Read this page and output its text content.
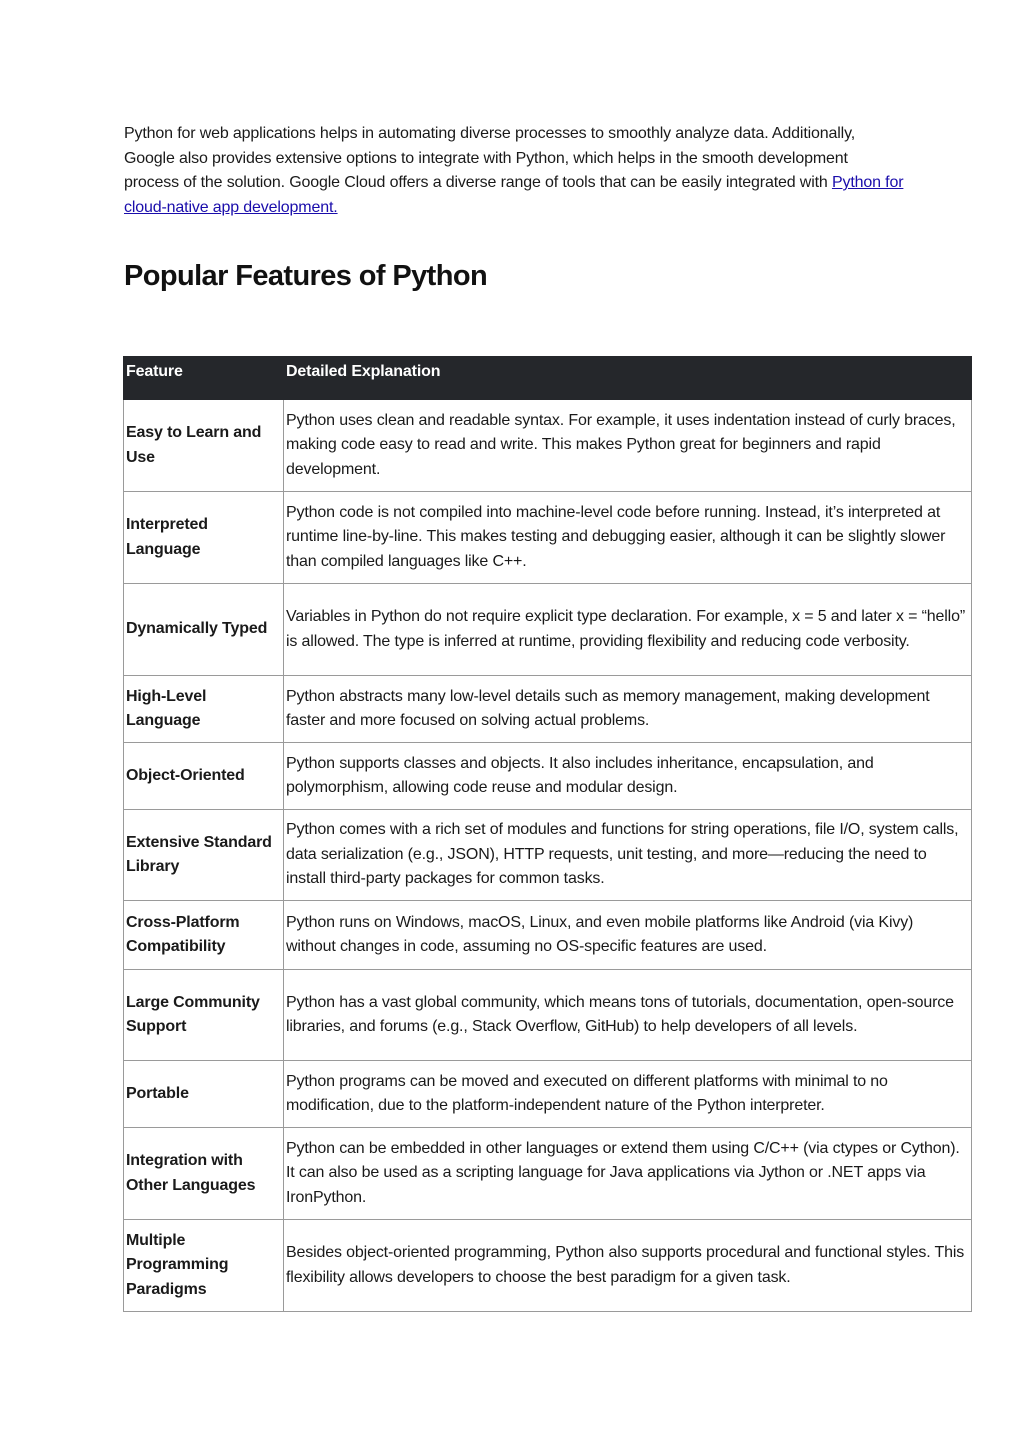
Python for web applications helps in automating diverse processes to smoothly analyze data. Additionally, Google also provides extensive options to integrate with Python, which helps in the smooth development process of the solution. Google Cloud offers a diverse range of tools that can be easily integrated with Python for cloud-native app development.

Popular Features of Python
Feature	Detailed Explanation
Easy to Learn and Use	Python uses clean and readable syntax. For example, it uses indentation instead of curly braces, making code easy to read and write. This makes Python great for beginners and rapid development.
Interpreted Language	Python code is not compiled into machine-level code before running. Instead, it’s interpreted at runtime line-by-line. This makes testing and debugging easier, although it can be slightly slower than compiled languages like C++.
Dynamically Typed	Variables in Python do not require explicit type declaration. For example, x = 5 and later x = “hello” is allowed. The type is inferred at runtime, providing flexibility and reducing code verbosity.
High-Level Language	Python abstracts many low-level details such as memory management, making development faster and more focused on solving actual problems.
Object-Oriented	Python supports classes and objects. It also includes inheritance, encapsulation, and polymorphism, allowing code reuse and modular design.
Extensive Standard Library	Python comes with a rich set of modules and functions for string operations, file I/O, system calls, data serialization (e.g., JSON), HTTP requests, unit testing, and more—reducing the need to install third-party packages for common tasks.
Cross-Platform Compatibility	Python runs on Windows, macOS, Linux, and even mobile platforms like Android (via Kivy) without changes in code, assuming no OS-specific features are used.
Large Community Support	Python has a vast global community, which means tons of tutorials, documentation, open-source libraries, and forums (e.g., Stack Overflow, GitHub) to help developers of all levels.
Portable	Python programs can be moved and executed on different platforms with minimal to no modification, due to the platform-independent nature of the Python interpreter.
Integration with Other Languages	Python can be embedded in other languages or extend them using C/C++ (via ctypes or Cython). It can also be used as a scripting language for Java applications via Jython or .NET apps via IronPython.
Multiple Programming Paradigms	Besides object-oriented programming, Python also supports procedural and functional styles. This flexibility allows developers to choose the best paradigm for a given task.
